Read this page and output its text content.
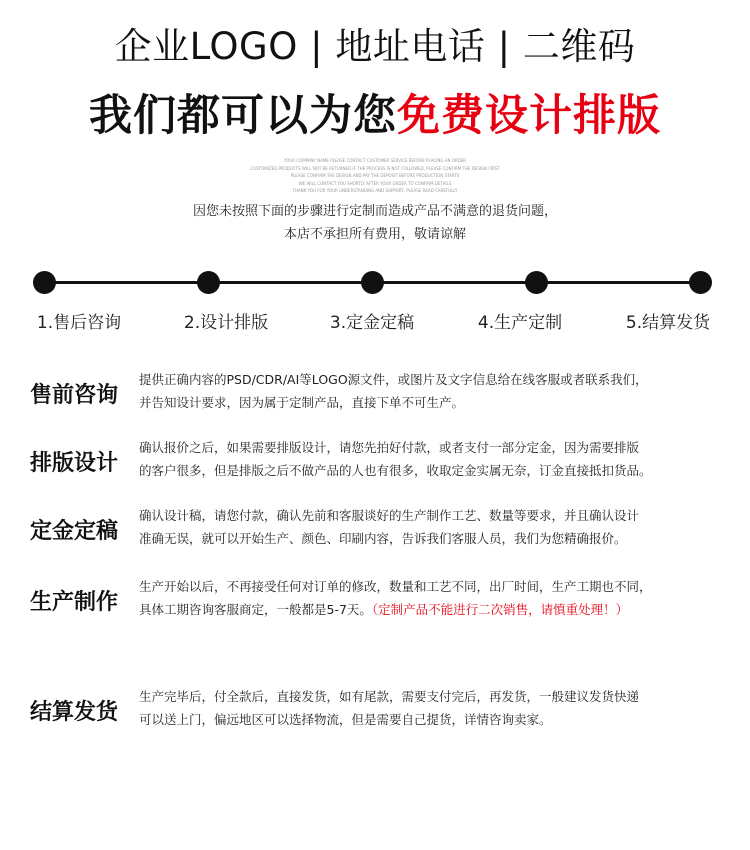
企业LOGO | 地址电话 | 二维码
我们都可以为您免费设计排版
YOUR COMPANY NAME PLEASE CONTACT CUSTOMER SERVICE BEFORE PLACING AN ORDER
CUSTOMIZED PRODUCTS WILL NOT BE RETURNED IF THE PROCESS IS NOT FOLLOWED, PLEASE CONFIRM THE DESIGN FIRST
PLEASE CONFIRM THE DESIGN AND PAY THE DEPOSIT BEFORE PRODUCTION STARTS
WE WILL CONTACT YOU SHORTLY AFTER YOUR ORDER TO CONFIRM DETAILS
THANK YOU FOR YOUR UNDERSTANDING AND SUPPORT, PLEASE READ CAREFULLY
因您未按照下面的步骤进行定制而造成产品不满意的退货问题，
本店不承担所有费用，敬请谅解
1.售后咨询	2.设计排版	3.定金定稿	4.生产定制	5.结算发货
售前咨询
提供正确内容的PSD/CDR/AI等LOGO源文件，或图片及文字信息给在线客服或者联系我们，
并告知设计要求，因为属于定制产品，直接下单不可生产。
排版设计
确认报价之后，如果需要排版设计，请您先拍好付款，或者支付一部分定金，因为需要排版
的客户很多，但是排版之后不做产品的人也有很多，收取定金实属无奈，订金直接抵扣货品。
定金定稿
确认设计稿，请您付款，确认先前和客服谈好的生产制作工艺、数量等要求，并且确认设计
准确无误，就可以开始生产、颜色、印刷内容，告诉我们客服人员，我们为您精确报价。
生产制作
生产开始以后，不再接受任何对订单的修改，数量和工艺不同，出厂时间，生产工期也不同，
具体工期咨询客服商定，一般都是5-7天。（定制产品不能进行二次销售，请慎重处理！）
结算发货
生产完毕后，付全款后，直接发货，如有尾款，需要支付完后，再发货，一般建议发货快递
可以送上门，偏远地区可以选择物流，但是需要自己提货，详情咨询卖家。
